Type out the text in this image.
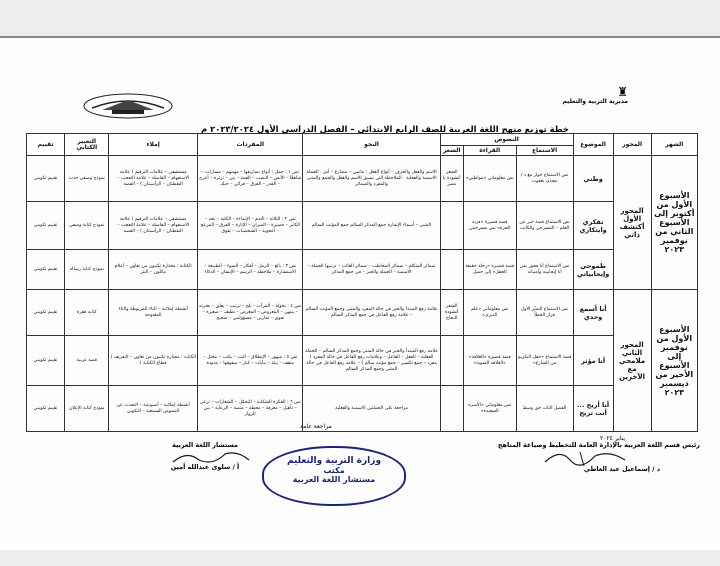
♜
مديرية التربية والتعليم
خطة توزيع منهج اللغة العربية للصف الرابع الابتدائي – الفصل الدراسي الأول ٢٠٢٣/٢٠٢٤ م
الشهر	المحور	الموضوع	النصوص			النحو	المفردات	إملاء	التعبير الكتابي	تقييم
			الاستماع	القراءة	الشعر					
الأسبوع الأول من أكتوبر إلى الأسبوع الثاني من نوفمبر ٢٠٢٣	المحور الأول أكتشف ذاتي	وطني	نص الاستماع حوار مع د / مجدي يعقوب	نص معلوماتي «مواطني»	الشعر أنشودة يا مصر	الاسم والفعل والحرف – أنواع الفعل : ماضي – مضارع – أمر . الجملة الاسمية والفعلية . الملاحظة التي تسبق الاسم والفعل والجمع والمثنى والمفرد والضمائر	نص ١ : جمل : أنواع تصاريفها – مهنتهم – مسارات – شاهقًا – الأنس – النصب – القمة – بين – ثرثرة – أعرج – القدر – الفرق – قرائي – حبك	مستشفى – علامات الترقيم ( علامة الاستفهام – الفاصلة – علامة التعجب – النقطتان – الرأسيتان ) – القصة	نموذج وصفي حدث	تقييم تكويني
		تفكري وابتكاري	نص الاستماع قصة خير عن العلم – المسرحي والكاتب	قصة قصيرة «فرنة الجرة» نص مسرحيتي		المثنى – أسماء الإشارة جمع المذكر السالم جمع المؤنث السالم	نص ٢ : الثلاثة – الندم – الإضاءة – الكلية – يجد – الكابر – حصيرة – الميزان – الإنارة – الفرق – المزعج – أعجوبة – الشخصيات – تفوق	مستشفى – علامات الترقيم ( علامة الاستفهام – الفاصلة – علامة التعجب – النقطتان – الرأسيتان ) – القصة	نموذج كتابة وصفي	تقييم تكويني
		طموحي وإيجابياتي	نص الاستماع أنا فخور بمن أنا إيجابيته وأمنياته	قصة قصيرة «رحلة حقيقة الحقل» إلى جميل		ضمائر المتكلم – ضمائر المخاطب – ضمائر الغائب – ترتيبها الجملة – الاسمية – الجملة والخبر – في جمع المذكر	نص ٣ : بائع – الرمل – أفكار – الضوء – الطبيعة – الاستشارة – ملاحظة – الرسم – الإنسان – الذكاء	الكتابة : مختارة تكتبون من تعاون – أعلام مائلون – النثر	نموذج كتابة رسالة	تقييم تكويني
الأسبوع الأول من نوفمبر إلى الأسبوع الأخير من ديسمبر ٢٠٢٣	المحور الثاني ملامحي مع الآخرين	أنا أسمع وحدي	نص الاستماع التميّز الأول قرار الخطأ	نص معلوماتي «علم الديري»	الشعر أنشودة النجاح	علامة رفع المبتدأ والخبر في حالة المفرد والمثنى وجمع المؤنث السالم – علامة رفع الفاعل في جمع المذكر السالم	نص ٤ : بجولة – المرأب – تلح – ترتيب – يعلق – بعثرته – ينتهي – المعروض – المعرض – نظيف – صغيرة – تقوى – تمارين – مسؤوليتي – صحيح	أنشطة إملائية – التاء المربوطة والتاء المفتوحة	كتابة فقرة	تقييم تكويني
		أنا مؤثر	قصة الاستماع «حفل التكريم من الشارع»	قصة قصيرة «العلاقة» «العلاقة السوية»		علامة رفع المبتدأ والخبر في حالة المثنى وجمع المذكر السالم – الجملة الفعلية – الفعل – الفاعل – وعلامات رفع الفاعل في حالة المفرد ( مفرد – جمع تكسير – جمع مؤنث سالم ) – علامة رفع الفاعل في حالة المثنى وجمع المذكر السالم	نص ٥ : مبهور – الإنطلاق – البث – بكتب – مختل – مثقف – بيئة – بنايات – كبار – سقوفها – مدودة	الكتابة : مختارة تكتبون من تعاون – التعريف ( قطاع الكتابة )	قصة عربية	تقييم تكويني
		أنا أريح ... أنت تريح	الفصل الثاث حق وسط	نص معلوماتي «الأسرة السعيدة»		مراجعة على الجملتين الاسمية والفعلية	نص ٦ : الفكرة الشكلية – التجمّل – الشعارات – ترعى – تأهيل – معرفة – محطة – منصة – الرعاية – بين الزوار	أنشطة إملائية – أسبوعية – التحدث عن النصوص السمعية – التكوين	نموذج كتابة الإعلان	تقييم تكويني
مراجعة عامة
يناير ٢٠٢٤
رئيس قسم اللغة العربية بالإدارة العامة للتخطيط وصياغة المناهج
د / إسماعيل عبد العاطي
مستشار اللغة العربية
أ / سلوى عبدالله أمين
وزارة التربية والتعليم
مكتب
مستشار اللغة العربية
